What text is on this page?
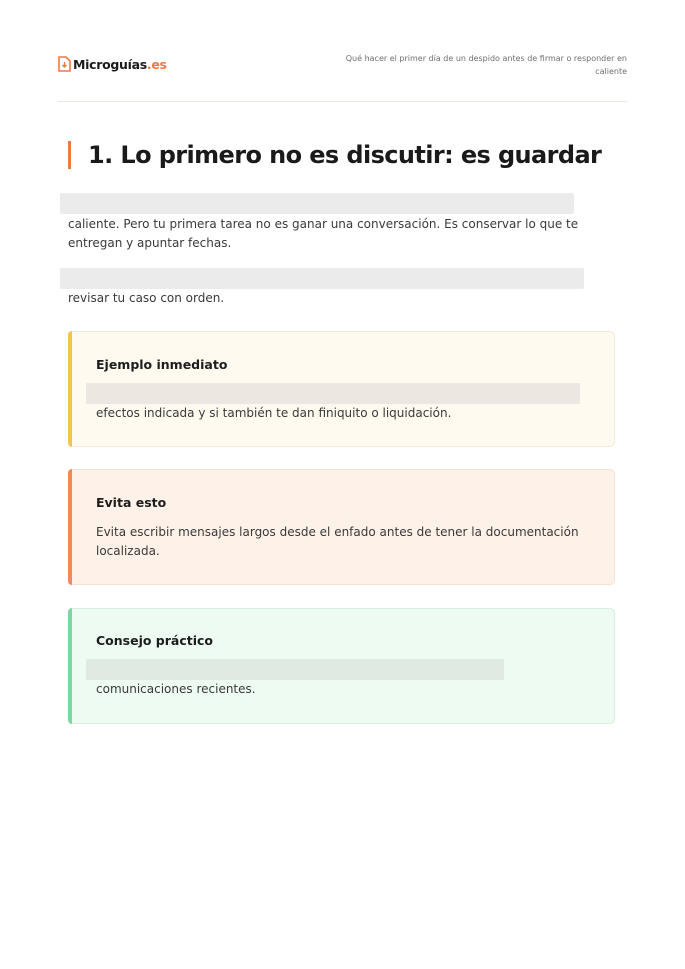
Microguías.es	Qué hacer el primer día de un despido antes de firmar o responder en caliente
1. Lo primero no es discutir: es guardar
caliente. Pero tu primera tarea no es ganar una conversación. Es conservar lo que te entregan y apuntar fechas.
revisar tu caso con orden.
Ejemplo inmediato
efectos indicada y si también te dan finiquito o liquidación.
Evita esto
Evita escribir mensajes largos desde el enfado antes de tener la documentación localizada.
Consejo práctico
comunicaciones recientes.
